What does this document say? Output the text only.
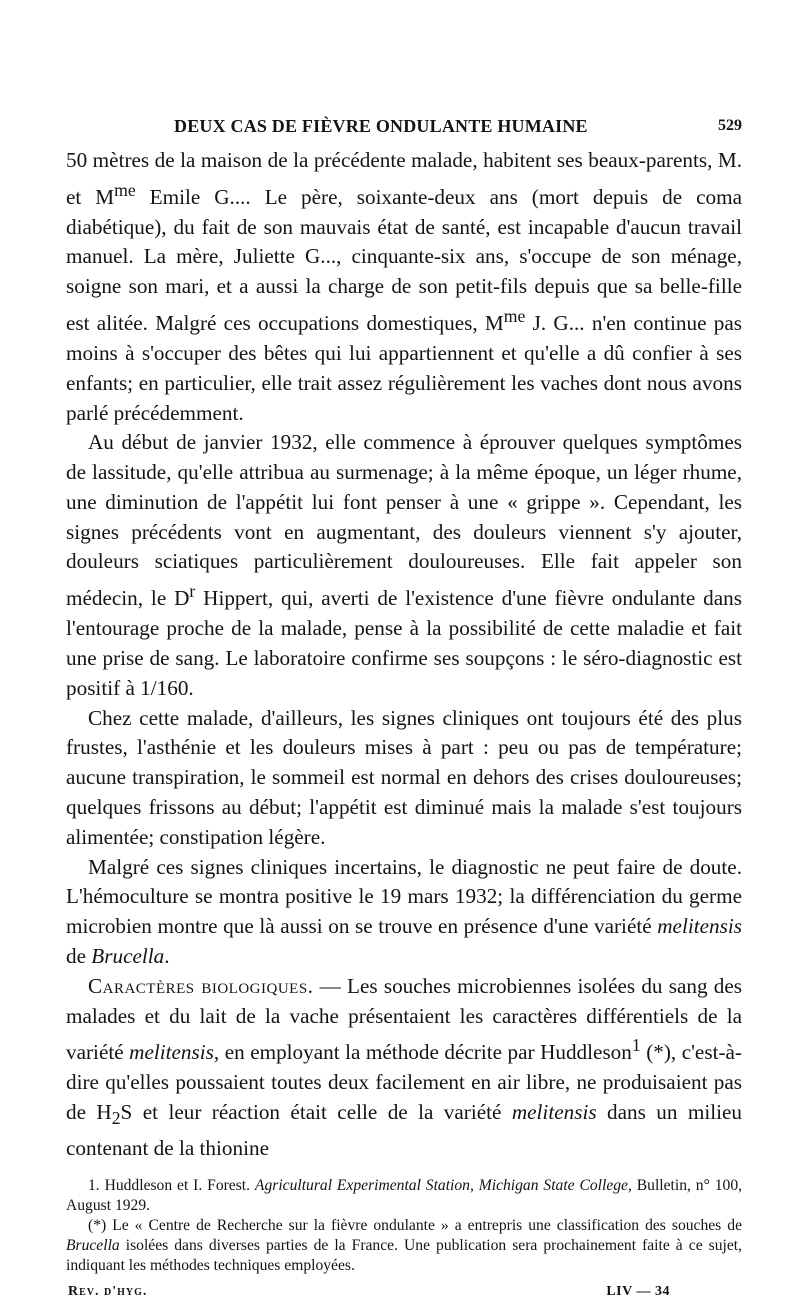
DEUX CAS DE FIÈVRE ONDULANTE HUMAINE	529

50 mètres de la maison de la précédente malade, habitent ses beaux-parents, M. et $M^{me}$ Emile G.... Le père, soixante-deux ans (mort depuis de coma diabétique), du fait de son mauvais état de santé, est incapable d'aucun travail manuel. La mère, Juliette G..., cinquante-six ans, s'occupe de son ménage, soigne son mari, et a aussi la charge de son petit-fils depuis que sa belle-fille est alitée. Malgré ces occupations domestiques, $M^{me}$ J. G... n'en continue pas moins à s'occuper des bêtes qui lui appartiennent et qu'elle a dû confier à ses enfants; en particulier, elle trait assez régulièrement les vaches dont nous avons parlé précédemment.

Au début de janvier 1932, elle commence à éprouver quelques symptômes de lassitude, qu'elle attribua au surmenage; à la même époque, un léger rhume, une diminution de l'appétit lui font penser à une « grippe ». Cependant, les signes précédents vont en augmentant, des douleurs viennent s'y ajouter, douleurs sciatiques particulièrement douloureuses. Elle fait appeler son médecin, le $D^r$ Hippert, qui, averti de l'existence d'une fièvre ondulante dans l'entourage proche de la malade, pense à la possibilité de cette maladie et fait une prise de sang. Le laboratoire confirme ses soupçons : le séro-diagnostic est positif à 1/160.

Chez cette malade, d'ailleurs, les signes cliniques ont toujours été des plus frustes, l'asthénie et les douleurs mises à part : peu ou pas de température; aucune transpiration, le sommeil est normal en dehors des crises douloureuses; quelques frissons au début; l'appétit est diminué mais la malade s'est toujours alimentée; constipation légère.

Malgré ces signes cliniques incertains, le diagnostic ne peut faire de doute. L'hémoculture se montra positive le 19 mars 1932; la différenciation du germe microbien montre que là aussi on se trouve en présence d'une variété melitensis de Brucella.

Caractères biologiques. — Les souches microbiennes isolées du sang des malades et du lait de la vache présentaient les caractères différentiels de la variété melitensis, en employant la méthode décrite par Huddleson$^1$ (*), c'est-à-dire qu'elles poussaient toutes deux facilement en air libre, ne produisaient pas de $H_2S$ et leur réaction était celle de la variété melitensis dans un milieu contenant de la thionine

1. Huddleson et I. Forest. Agricultural Experimental Station, Michigan State College, Bulletin, n° 100, August 1929.

(*) Le « Centre de Recherche sur la fièvre ondulante » a entrepris une classification des souches de Brucella isolées dans diverses parties de la France. Une publication sera prochainement faite à ce sujet, indiquant les méthodes techniques employées.

Rev. d'hyg.	LIV — 34
